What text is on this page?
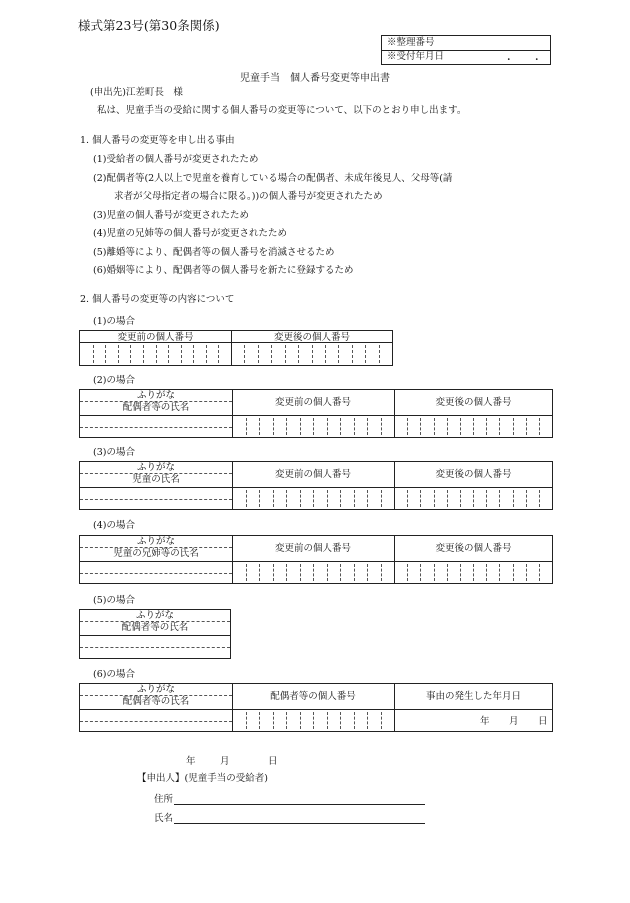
様式第23号(第30条関係)
※整理番号
※受付年月日	・ ・
児童手当　個人番号変更等申出書
(申出先)江差町長　様
私は、児童手当の受給に関する個人番号の変更等について、以下のとおり申し出ます。
1. 個人番号の変更等を申し出る事由
(1)受給者の個人番号が変更されたため
(2)配偶者等(2人以上で児童を養育している場合の配偶者、未成年後見人、父母等(請
求者が父母指定者の場合に限る。))の個人番号が変更されたため
(3)児童の個人番号が変更されたため
(4)児童の兄姉等の個人番号が変更されたため
(5)離婚等により、配偶者等の個人番号を消滅させるため
(6)婚姻等により、配偶者等の個人番号を新たに登録するため
2. 個人番号の変更等の内容について
(1)の場合
変更前の個人番号	変更後の個人番号
(2)の場合
ふりがな
配偶者等の氏名	変更前の個人番号	変更後の個人番号
(3)の場合
ふりがな
児童の氏名	変更前の個人番号	変更後の個人番号
(4)の場合
ふりがな
児童の兄姉等の氏名	変更前の個人番号	変更後の個人番号
(5)の場合
ふりがな
配偶者等の氏名
(6)の場合
ふりがな
配偶者等の氏名	配偶者等の個人番号	事由の発生した年月日
年 月 日
年	月	日
【申出人】(児童手当の受給者)
住所
氏名
